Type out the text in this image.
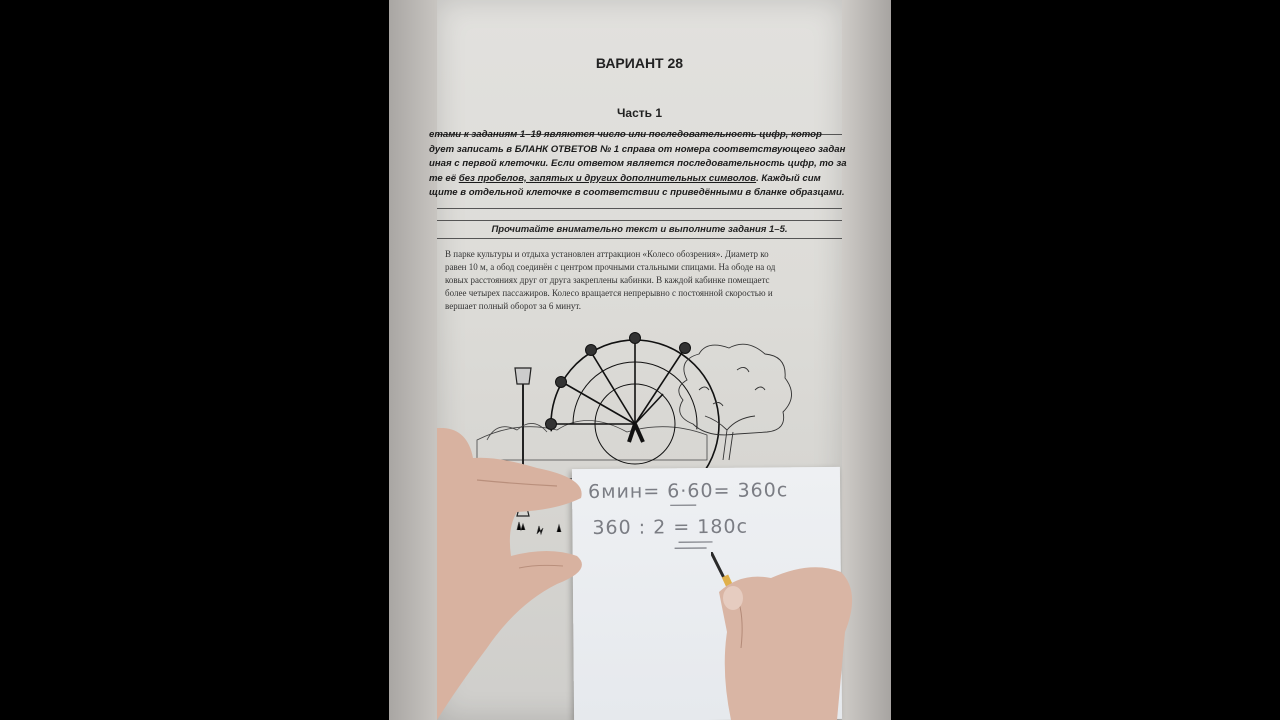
ВАРИАНТ 28
Часть 1
етами к заданиям 1–19 являются число или последовательность цифр, котор
дует записать в БЛАНК ОТВЕТОВ № 1 справа от номера соответствующего задан
иная с первой клеточки. Если ответом является последовательность цифр, то за
те её без пробелов, запятых и других дополнительных символов. Каждый сим
щите в отдельной клеточке в соответствии с приведёнными в бланке образцами.
Прочитайте внимательно текст и выполните задания 1–5.
В парке культуры и отдыха установлен аттракцион «Колесо обозрения». Диаметр ко
равен 10 м, а обод соединён с центром прочными стальными спицами. На ободе на од
ковых расстояниях друг от друга закреплены кабинки. В каждой кабинке помещаетс
более четырех пассажиров. Колесо вращается непрерывно с постоянной скоростью и
вершает полный оборот за 6 минут.
6мин= 6·60= 360с
360 : 2 = 180с
